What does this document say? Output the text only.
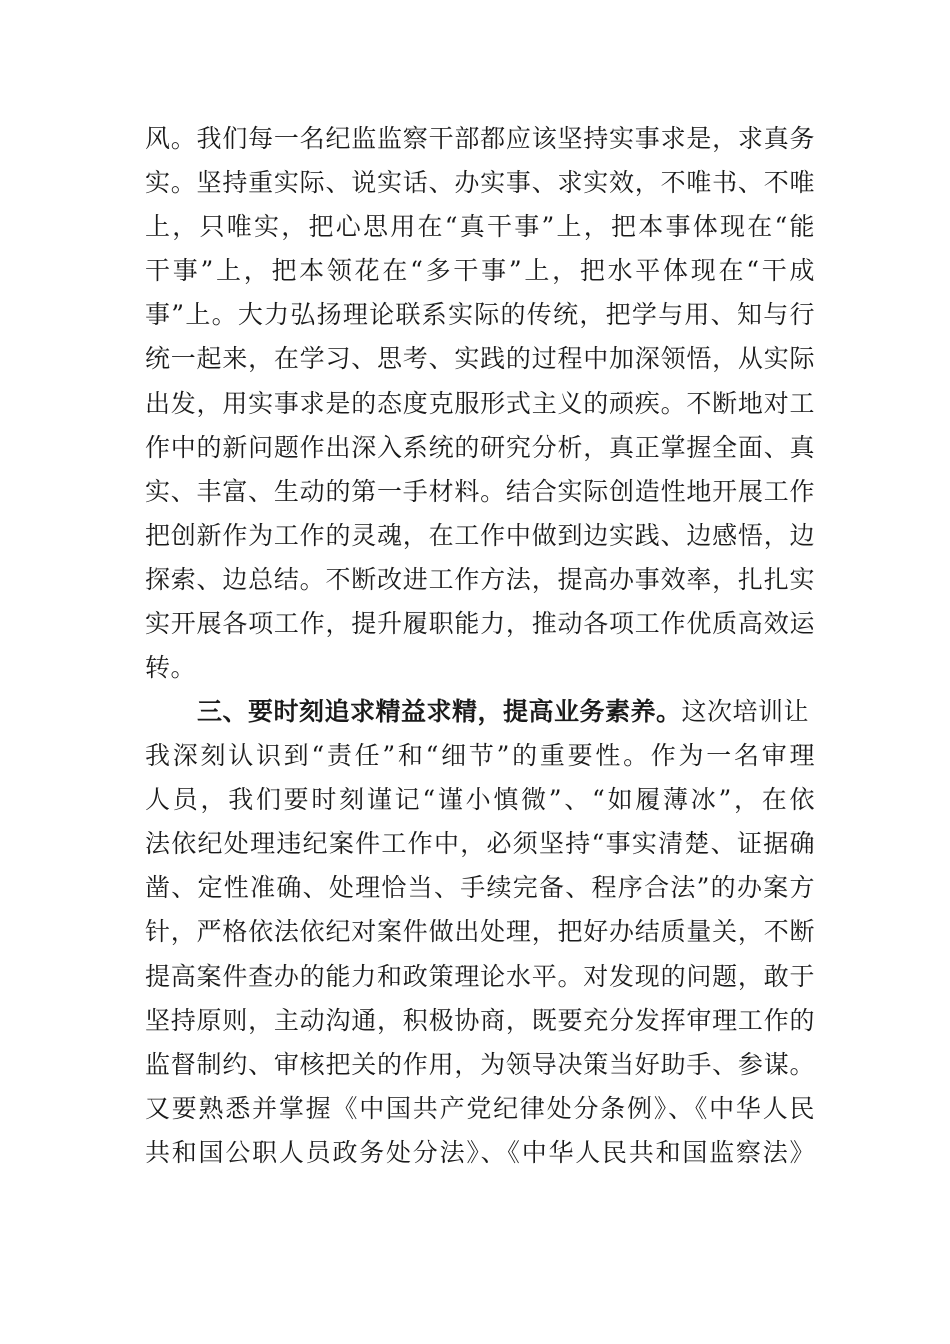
风。我们每一名纪监监察干部都应该坚持实事求是，求真务
实。坚持重实际、说实话、办实事、求实效，不唯书、不唯
上，只唯实，把心思用在“真干事”上，把本事体现在“能
干事”上，把本领花在“多干事”上，把水平体现在“干成
事”上。大力弘扬理论联系实际的传统，把学与用、知与行
统一起来，在学习、思考、实践的过程中加深领悟，从实际
出发，用实事求是的态度克服形式主义的顽疾。不断地对工
作中的新问题作出深入系统的研究分析，真正掌握全面、真
实、丰富、生动的第一手材料。结合实际创造性地开展工作
把创新作为工作的灵魂，在工作中做到边实践、边感悟，边
探索、边总结。不断改进工作方法，提高办事效率，扎扎实
实开展各项工作，提升履职能力，推动各项工作优质高效运
转。
三、要时刻追求精益求精，提高业务素养。这次培训让
我深刻认识到“责任”和“细节”的重要性。作为一名审理
人员，我们要时刻谨记“谨小慎微”、“如履薄冰”，在依
法依纪处理违纪案件工作中，必须坚持“事实清楚、证据确
凿、定性准确、处理恰当、手续完备、程序合法”的办案方
针，严格依法依纪对案件做出处理，把好办结质量关，不断
提高案件查办的能力和政策理论水平。对发现的问题，敢于
坚持原则，主动沟通，积极协商，既要充分发挥审理工作的
监督制约、审核把关的作用，为领导决策当好助手、参谋。
又要熟悉并掌握《中国共产党纪律处分条例》、《中华人民
共和国公职人员政务处分法》、《中华人民共和国监察法》
